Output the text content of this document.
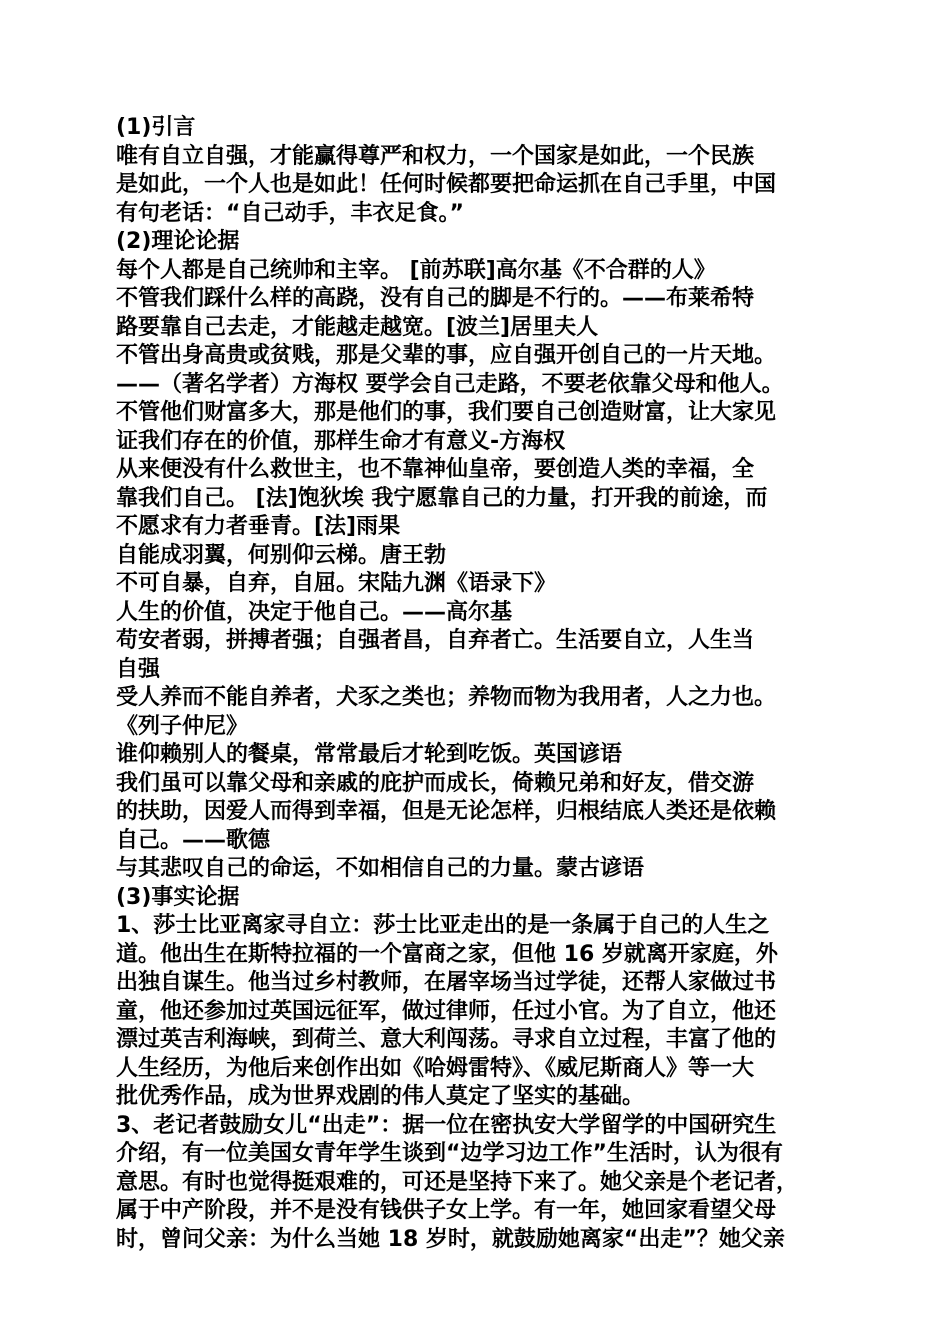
(1)引言
唯有自立自强，才能赢得尊严和权力，一个国家是如此，一个民族
是如此，一个人也是如此！任何时候都要把命运抓在自己手里，中国
有句老话：“自己动手，丰衣足食。”
(2)理论论据
每个人都是自己统帅和主宰。 [前苏联]高尔基《不合群的人》
不管我们踩什么样的高跷，没有自己的脚是不行的。——布莱希特
路要靠自己去走，才能越走越宽。[波兰]居里夫人
不管出身高贵或贫贱，那是父辈的事，应自强开创自己的一片天地。
——（著名学者）方海权 要学会自己走路，不要老依靠父母和他人。
不管他们财富多大，那是他们的事，我们要自己创造财富，让大家见
证我们存在的价值，那样生命才有意义-方海权
从来便没有什么救世主，也不靠神仙皇帝，要创造人类的幸福，全
靠我们自己。 [法]饱狄埃 我宁愿靠自己的力量，打开我的前途，而
不愿求有力者垂青。[法]雨果
自能成羽翼，何别仰云梯。唐王勃
不可自暴，自弃，自屈。宋陆九渊《语录下》
人生的价值，决定于他自己。——高尔基
苟安者弱，拼搏者强；自强者昌，自弃者亡。生活要自立，人生当
自强
受人养而不能自养者，犬豕之类也；养物而物为我用者，人之力也。
《列子仲尼》
谁仰赖别人的餐桌，常常最后才轮到吃饭。英国谚语
我们虽可以靠父母和亲戚的庇护而成长，倚赖兄弟和好友，借交游
的扶助，因爱人而得到幸福，但是无论怎样，归根结底人类还是依赖
自己。——歌德
与其悲叹自己的命运，不如相信自己的力量。蒙古谚语
(3)事实论据
1、莎士比亚离家寻自立：莎士比亚走出的是一条属于自己的人生之
道。他出生在斯特拉福的一个富商之家，但他 16 岁就离开家庭，外
出独自谋生。他当过乡村教师，在屠宰场当过学徒，还帮人家做过书
童，他还参加过英国远征军，做过律师，任过小官。为了自立，他还
漂过英吉利海峡，到荷兰、意大利闯荡。寻求自立过程，丰富了他的
人生经历，为他后来创作出如《哈姆雷特》、《威尼斯商人》等一大
批优秀作品，成为世界戏剧的伟人莫定了坚实的基础。
3、老记者鼓励女儿“出走”：据一位在密执安大学留学的中国研究生
介绍，有一位美国女青年学生谈到“边学习边工作”生活时，认为很有
意思。有时也觉得挺艰难的，可还是坚持下来了。她父亲是个老记者，
属于中产阶段，并不是没有钱供子女上学。有一年，她回家看望父母
时，曾问父亲：为什么当她 18 岁时，就鼓励她离家“出走”？她父亲
